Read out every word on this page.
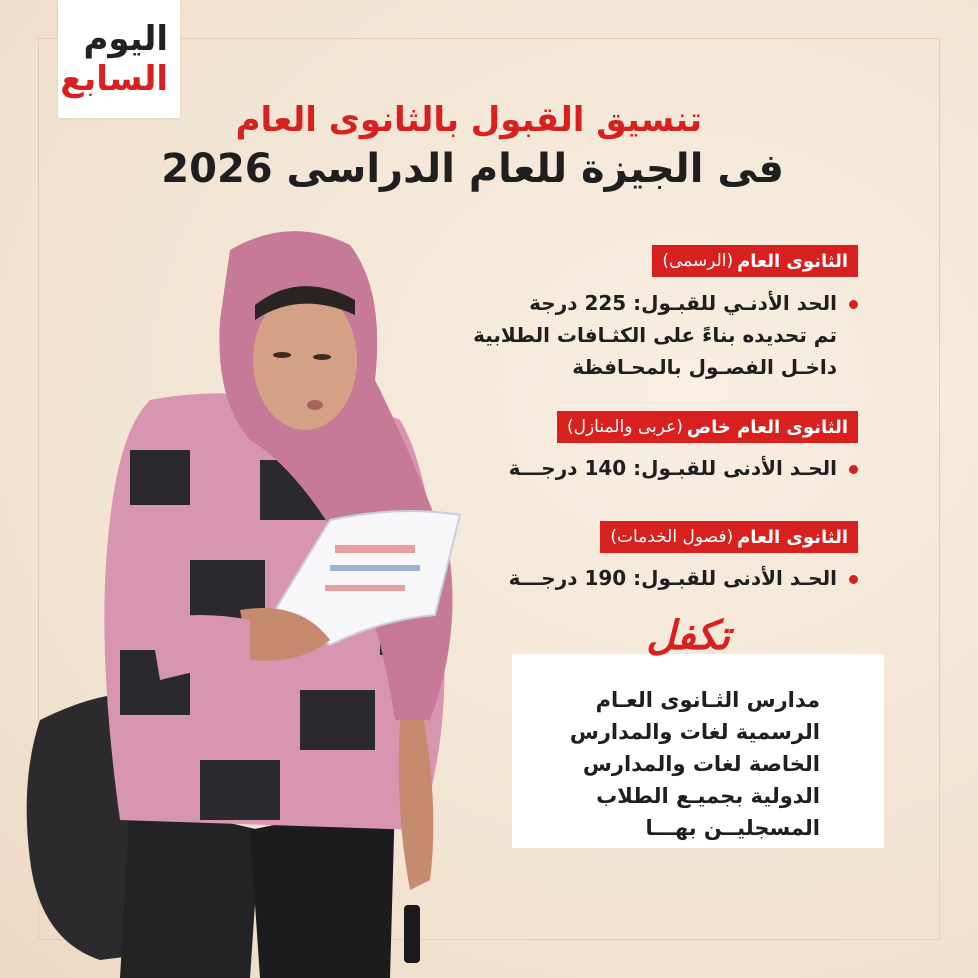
اليوم
السابع
تنسيق القبول بالثانوى العام
فى الجيزة للعام الدراسى 2026
الثانوى العام
(الرسمى)
الحد الأدنـي للقبـول: 225 درجة
تم تحديده بناءً على الكثـافات الطلابية
داخـل الفصـول بالمحـافظة
الثانوى العام خاص
(عربى والمنازل)
الحـد الأدنى للقبـول: 140 درجـــة
الثانوى العام
(فصول الخدمات)
الحـد الأدنى للقبـول: 190 درجـــة
تكفل
مدارس الثـانوى العـام
الرسمية لغات والمدارس
الخاصة لغات والمدارس
الدولية بجميـع الطلاب
المسجليــن بهـــا
